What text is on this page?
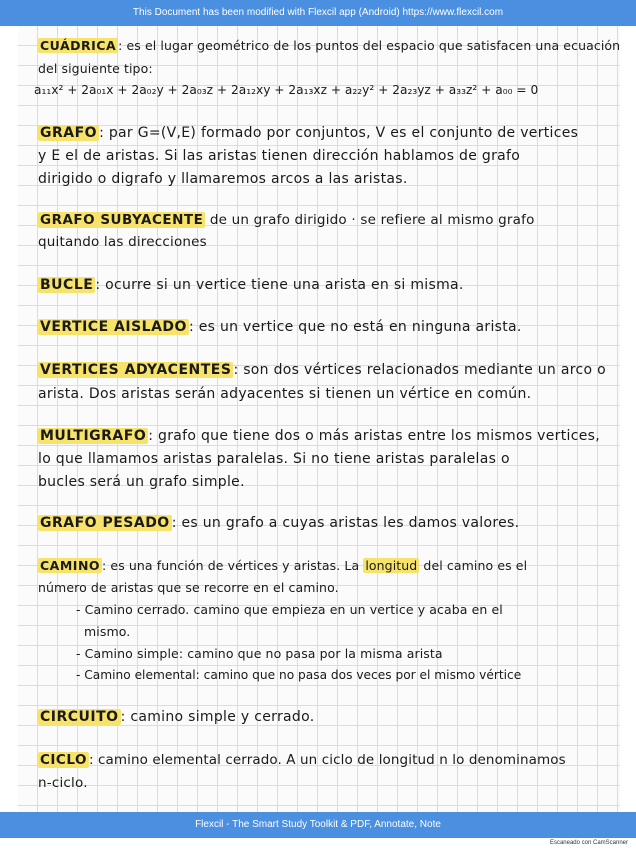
This Document has been modified with Flexcil app (Android) https://www.flexcil.com
CUÁDRICA : es el lugar geométrico de los puntos del espacio que satisfacen una ecuación
del siguiente tipo:
a₁₁x² + 2a₀₁x + 2a₀₂y + 2a₀₃z + 2a₁₂xy + 2a₁₃xz + a₂₂y² + 2a₂₃yz + a₃₃z² + a₀₀ = 0
GRAFO : par G=(V,E) formado por conjuntos, V es el conjunto de vertices
y E el de aristas. Si las aristas tienen dirección hablamos de grafo
dirigido o digrafo y llamaremos arcos a las aristas.
GRAFO SUBYACENTE de un grafo dirigido · se refiere al mismo grafo
quitando las direcciones
BUCLE : ocurre si un vertice tiene una arista en si misma.
VERTICE AISLADO : es un vertice que no está en ninguna arista.
VERTICES ADYACENTES : son dos vértices relacionados mediante un arco o
arista. Dos aristas serán adyacentes si tienen un vértice en común.
MULTIGRAFO : grafo que tiene dos o más aristas entre los mismos vertices,
lo que llamamos aristas paralelas. Si no tiene aristas paralelas o
bucles será un grafo simple.
GRAFO PESADO : es un grafo a cuyas aristas les damos valores.
CAMINO : es una función de vértices y aristas. La longitud del camino es el
número de aristas que se recorre en el camino.
- Camino cerrado. camino que empieza en un vertice y acaba en el
mismo.
- Camino simple: camino que no pasa por la misma arista
- Camino elemental: camino que no pasa dos veces por el mismo vértice
CIRCUITO : camino simple y cerrado.
CICLO : camino elemental cerrado. A un ciclo de longitud n lo denominamos
n-ciclo.
Flexcil - The Smart Study Toolkit & PDF, Annotate, Note
Escaneado con CamScanner
